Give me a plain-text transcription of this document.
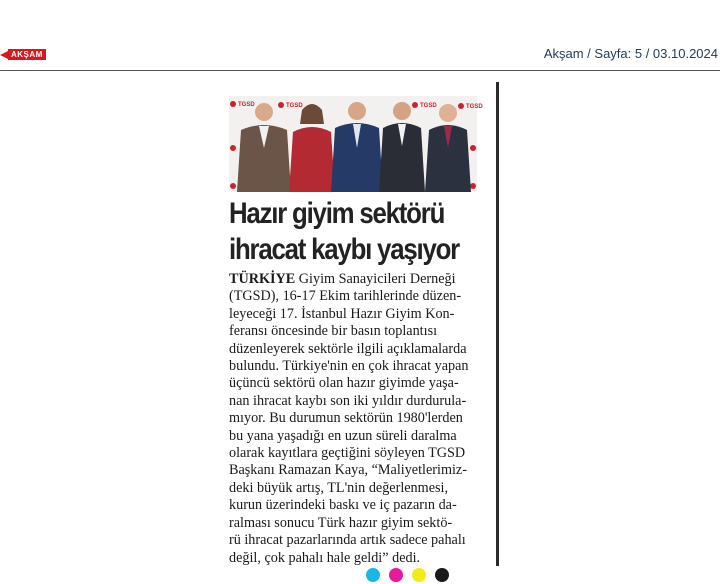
AKŞAM	Akşam / Sayfa: 5 / 03.10.2024
TGSD	TGSD	TGSD	TGSD
Hazır giyim sektörü
ihracat kaybı yaşıyor
TÜRKİYE Giyim Sanayicileri Derneği
(TGSD), 16-17 Ekim tarihlerinde düzen-
leyeceği 17. İstanbul Hazır Giyim Kon-
feransı öncesinde bir basın toplantısı
düzenleyerek sektörle ilgili açıklamalarda
bulundu. Türkiye'nin en çok ihracat yapan
üçüncü sektörü olan hazır giyimde yaşa-
nan ihracat kaybı son iki yıldır durdurula-
mıyor. Bu durumun sektörün 1980'lerden
bu yana yaşadığı en uzun süreli daralma
olarak kayıtlara geçtiğini söyleyen TGSD
Başkanı Ramazan Kaya, “Maliyetlerimiz-
deki büyük artış, TL'nin değerlenmesi,
kurun üzerindeki baskı ve iç pazarın da-
ralması sonucu Türk hazır giyim sektö-
rü ihracat pazarlarında artık sadece pahalı
değil, çok pahalı hale geldi” dedi.
